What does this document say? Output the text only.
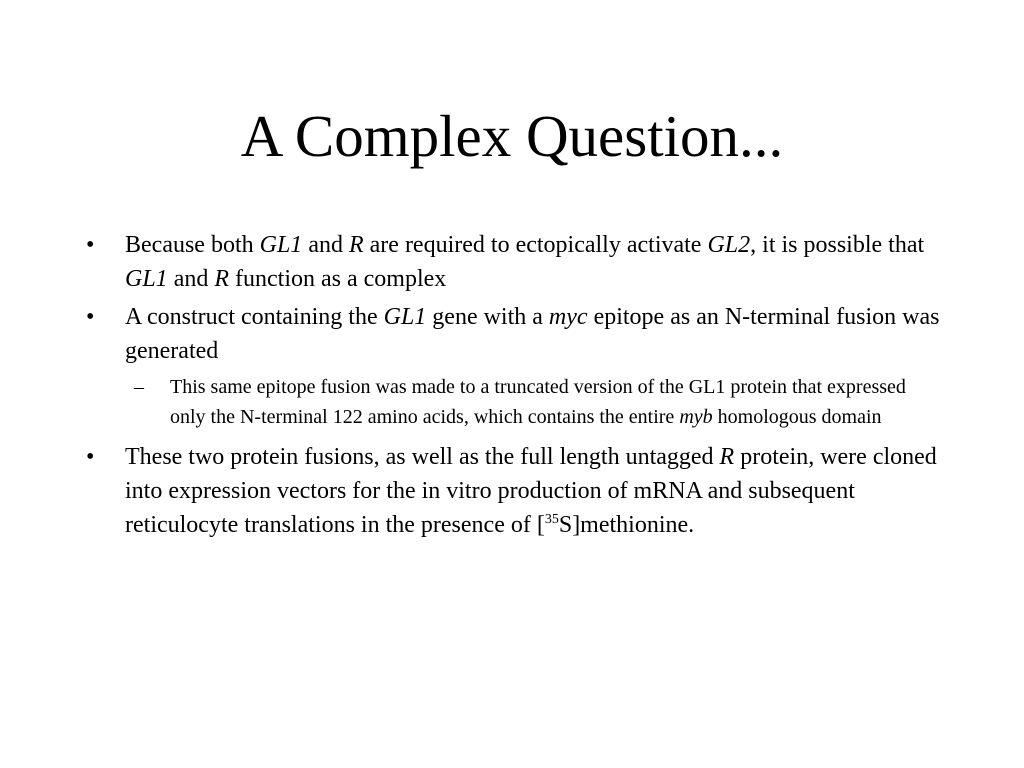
A Complex Question...
• Because both GL1 and R are required to ectopically activate GL2, it is possible that GL1 and R function as a complex
• A construct containing the GL1 gene with a myc epitope as an N-terminal fusion was generated
– This same epitope fusion was made to a truncated version of the GL1 protein that expressed only the N-terminal 122 amino acids, which contains the entire myb homologous domain
• These two protein fusions, as well as the full length untagged R protein, were cloned into expression vectors for the in vitro production of mRNA and subsequent reticulocyte translations in the presence of [$^{35}$S]methionine.
